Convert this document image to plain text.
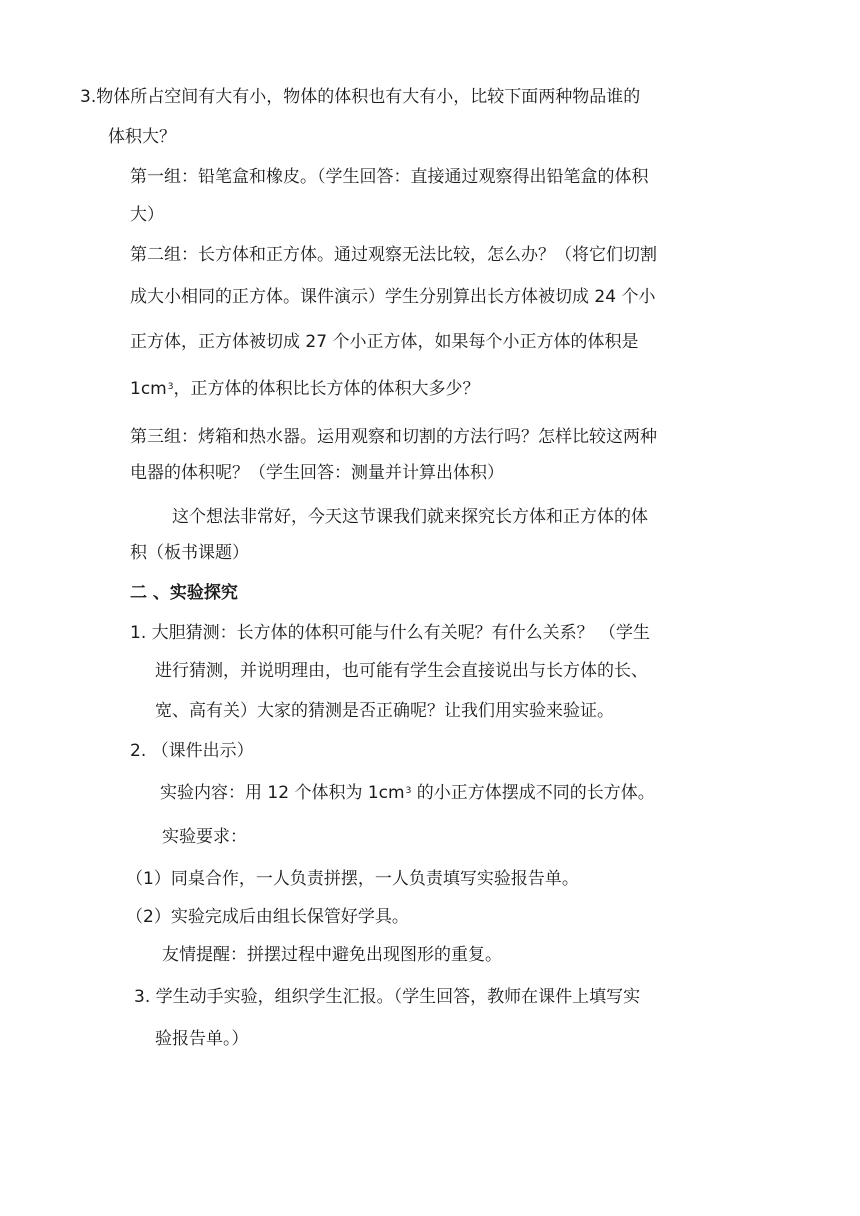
3.物体所占空间有大有小，物体的体积也有大有小，比较下面两种物品谁的
体积大？
第一组：铅笔盒和橡皮。（学生回答：直接通过观察得出铅笔盒的体积
大）
第二组：长方体和正方体。通过观察无法比较，怎么办？（将它们切割
成大小相同的正方体。课件演示）学生分别算出长方体被切成 24 个小
正方体，正方体被切成 27 个小正方体，如果每个小正方体的体积是
$1cm^3$，正方体的体积比长方体的体积大多少？
第三组：烤箱和热水器。运用观察和切割的方法行吗？怎样比较这两种
电器的体积呢？（学生回答：测量并计算出体积）
这个想法非常好，今天这节课我们就来探究长方体和正方体的体
积（板书课题）
二 、实验探究
1. 大胆猜测：长方体的体积可能与什么有关呢？有什么关系？ （学生
进行猜测，并说明理由，也可能有学生会直接说出与长方体的长、
宽、高有关）大家的猜测是否正确呢？让我们用实验来验证。
2. （课件出示）
实验内容：用 12 个体积为 $1cm^3$ 的小正方体摆成不同的长方体。
实验要求：
（1）同桌合作，一人负责拼摆，一人负责填写实验报告单。
（2）实验完成后由组长保管好学具。
友情提醒：拼摆过程中避免出现图形的重复。
3. 学生动手实验，组织学生汇报。（学生回答，教师在课件上填写实
验报告单。）
